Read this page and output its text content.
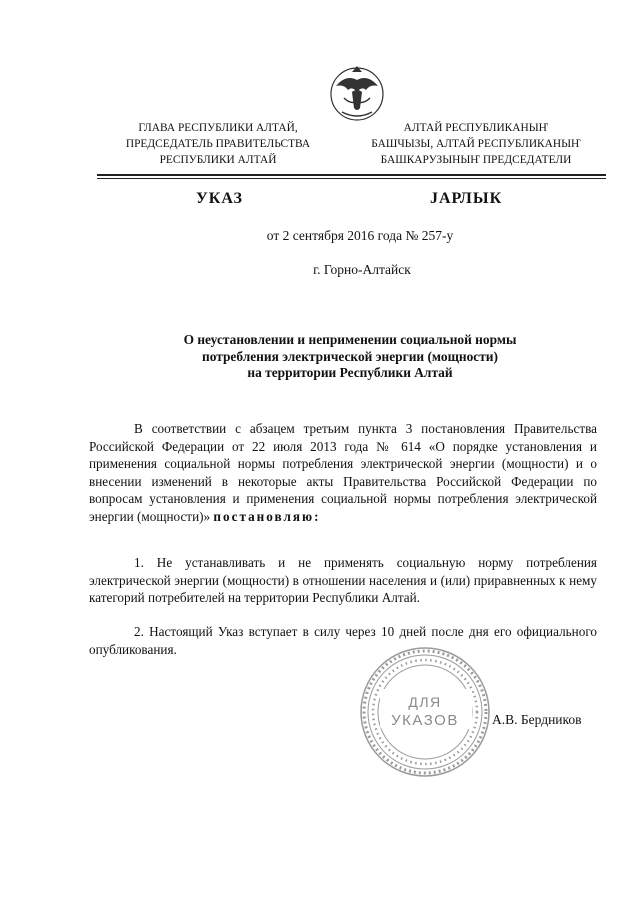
ГЛАВА РЕСПУБЛИКИ АЛТАЙ,
ПРЕДСЕДАТЕЛЬ ПРАВИТЕЛЬСТВА
РЕСПУБЛИКИ АЛТАЙ
АЛТАЙ РЕСПУБЛИКАНЫҤ
БАШЧЫЗЫ, АЛТАЙ РЕСПУБЛИКАНЫҤ
БАШКАРУЗЫНЫҤ ПРЕДСЕДАТЕЛИ
УКАЗ	JАРЛЫК
от 2 сентября 2016 года № 257-у
г. Горно-Алтайск
О неустановлении и неприменении социальной нормы
потребления электрической энергии (мощности)
на территории Республики Алтай
В соответствии с абзацем третьим пункта 3 постановления Правительства Российской Федерации от 22 июля 2013 года № 614 «О порядке установления и применения социальной нормы потребления электрической энергии (мощности) и о внесении изменений в некоторые акты Правительства Российской Федерации по вопросам установления и применения социальной нормы потребления электрической энергии (мощности)» постановляю:
1. Не устанавливать и не применять социальную норму потребления электрической энергии (мощности) в отношении населения и (или) приравненных к нему категорий потребителей на территории Республики Алтай.
2. Настоящий Указ вступает в силу через 10 дней после дня его официального опубликования.
ДЛЯ
УКАЗОВ А.В. Бердников
